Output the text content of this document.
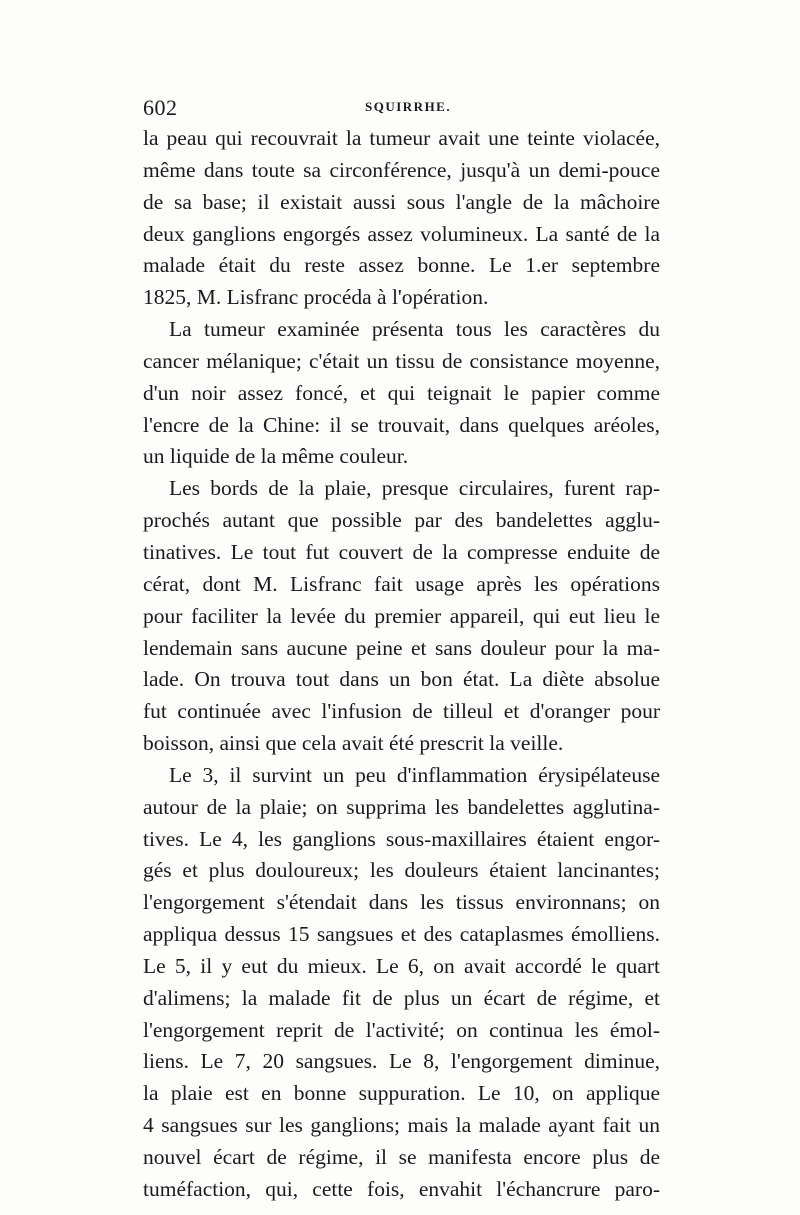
602	SQUIRRHE.
la peau qui recouvrait la tumeur avait une teinte violacée,
même dans toute sa circonférence, jusqu'à un demi-pouce
de sa base; il existait aussi sous l'angle de la mâchoire
deux ganglions engorgés assez volumineux. La santé de la
malade était du reste assez bonne. Le 1.er septembre
1825, M. Lisfranc procéda à l'opération.
La tumeur examinée présenta tous les caractères du
cancer mélanique; c'était un tissu de consistance moyenne,
d'un noir assez foncé, et qui teignait le papier comme
l'encre de la Chine: il se trouvait, dans quelques aréoles,
un liquide de la même couleur.
Les bords de la plaie, presque circulaires, furent rap-
prochés autant que possible par des bandelettes agglu-
tinatives. Le tout fut couvert de la compresse enduite de
cérat, dont M. Lisfranc fait usage après les opérations
pour faciliter la levée du premier appareil, qui eut lieu le
lendemain sans aucune peine et sans douleur pour la ma-
lade. On trouva tout dans un bon état. La diète absolue
fut continuée avec l'infusion de tilleul et d'oranger pour
boisson, ainsi que cela avait été prescrit la veille.
Le 3, il survint un peu d'inflammation érysipélateuse
autour de la plaie; on supprima les bandelettes agglutina-
tives. Le 4, les ganglions sous-maxillaires étaient engor-
gés et plus douloureux; les douleurs étaient lancinantes;
l'engorgement s'étendait dans les tissus environnans; on
appliqua dessus 15 sangsues et des cataplasmes émolliens.
Le 5, il y eut du mieux. Le 6, on avait accordé le quart
d'alimens; la malade fit de plus un écart de régime, et
l'engorgement reprit de l'activité; on continua les émol-
liens. Le 7, 20 sangsues. Le 8, l'engorgement diminue,
la plaie est en bonne suppuration. Le 10, on applique
4 sangsues sur les ganglions; mais la malade ayant fait un
nouvel écart de régime, il se manifesta encore plus de
tuméfaction, qui, cette fois, envahit l'échancrure paro-
